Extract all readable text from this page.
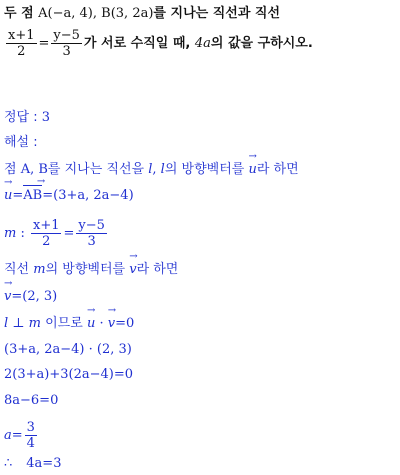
두 점 A(−a, 4), B(3, 2a)를 지나는 직선과 직선
$\frac{x+1}{2} = \frac{y-5}{3}$ 가 서로 수직일 때, 4a의 값을 구하시오.
정답 : 3
해설 :
점 A, B를 지나는 직선을 l, l의 방향벡터를 → u라 하면
→ u=AB →=(3+a, 2a−4)
m : $\frac{x+1}{2} = \frac{y-5}{3}$
직선 m의 방향벡터를 → v라 하면
→ v=(2, 3)
l ⊥ m 이므로 → u · → v=0
(3+a, 2a−4) · (2, 3)
2(3+a)+3(2a−4)=0
8a−6=0
$a= \frac{3}{4}$
∴ 4a=3
